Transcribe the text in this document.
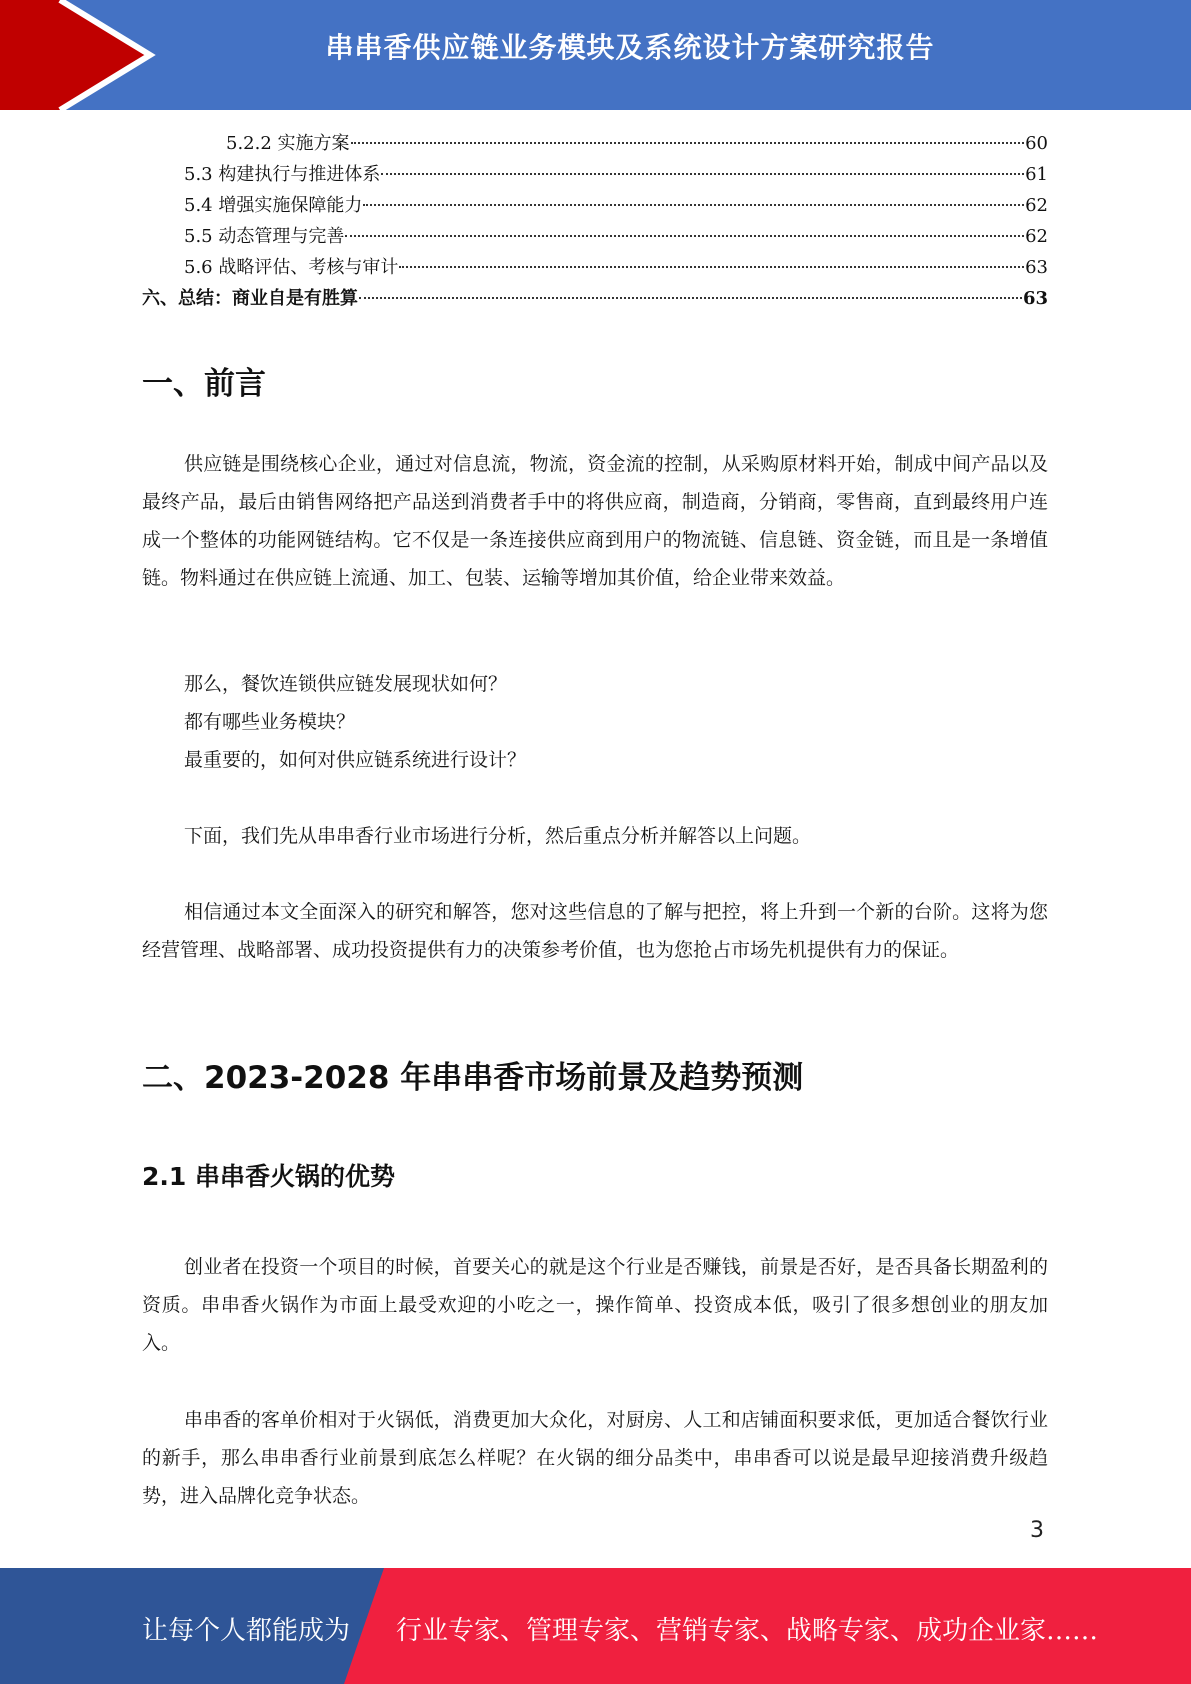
串串香供应链业务模块及系统设计方案研究报告
5.2.2 实施方案	60
5.3 构建执行与推进体系	61
5.4 增强实施保障能力	62
5.5 动态管理与完善	62
5.6 战略评估、考核与审计	63
六、总结：商业自是有胜算	63
一、前言
供应链是围绕核心企业，通过对信息流，物流，资金流的控制，从采购原材料开始，制成中间产品以及最终产品，最后由销售网络把产品送到消费者手中的将供应商，制造商，分销商，零售商，直到最终用户连成一个整体的功能网链结构。它不仅是一条连接供应商到用户的物流链、信息链、资金链，而且是一条增值链。物料通过在供应链上流通、加工、包装、运输等增加其价值，给企业带来效益。
那么，餐饮连锁供应链发展现状如何？
都有哪些业务模块？
最重要的，如何对供应链系统进行设计？
下面，我们先从串串香行业市场进行分析，然后重点分析并解答以上问题。
相信通过本文全面深入的研究和解答，您对这些信息的了解与把控，将上升到一个新的台阶。这将为您经营管理、战略部署、成功投资提供有力的决策参考价值，也为您抢占市场先机提供有力的保证。
二、2023-2028 年串串香市场前景及趋势预测
2.1 串串香火锅的优势
创业者在投资一个项目的时候，首要关心的就是这个行业是否赚钱，前景是否好，是否具备长期盈利的资质。串串香火锅作为市面上最受欢迎的小吃之一，操作简单、投资成本低，吸引了很多想创业的朋友加入。
串串香的客单价相对于火锅低，消费更加大众化，对厨房、人工和店铺面积要求低，更加适合餐饮行业的新手，那么串串香行业前景到底怎么样呢？在火锅的细分品类中，串串香可以说是最早迎接消费升级趋势，进入品牌化竞争状态。
3
让每个人都能成为 行业专家、管理专家、营销专家、战略专家、成功企业家……
